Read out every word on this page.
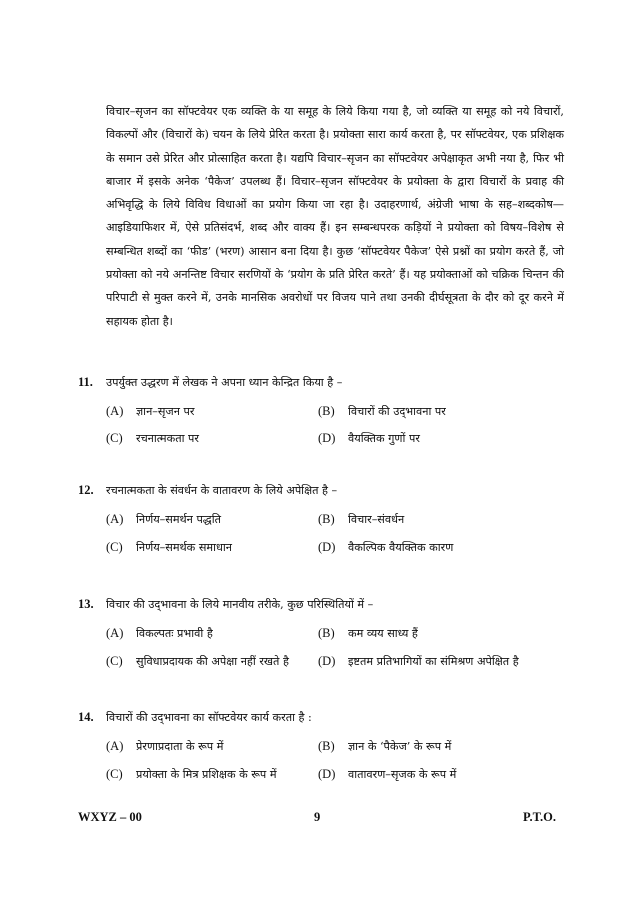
विचार–सृजन का सॉफ्टवेयर एक व्यक्ति के या समूह के लिये किया गया है, जो व्यक्ति या समूह को नये विचारों, विकल्पों और (विचारों के) चयन के लिये प्रेरित करता है। प्रयोक्ता सारा कार्य करता है, पर सॉफ्टवेयर, एक प्रशिक्षक के समान उसे प्रेरित और प्रोत्साहित करता है। यद्यपि विचार–सृजन का सॉफ्टवेयर अपेक्षाकृत अभी नया है, फिर भी बाजार में इसके अनेक ‘पैकेज’ उपलब्ध हैं। विचार–सृजन सॉफ्टवेयर के प्रयोक्ता के द्वारा विचारों के प्रवाह की अभिवृद्धि के लिये विविध विधाओं का प्रयोग किया जा रहा है। उदाहरणार्थ, अंग्रेजी भाषा के सह–शब्दकोष— आइडियाफिशर में, ऐसे प्रतिसंदर्भ, शब्द और वाक्य हैं। इन सम्बन्धपरक कड़ियों ने प्रयोक्ता को विषय–विशेष से सम्बन्धित शब्दों का ‘फीड’ (भरण) आसान बना दिया है। कुछ ‘सॉफ्टवेयर पैकेज’ ऐसे प्रश्नों का प्रयोग करते हैं, जो प्रयोक्ता को नये अनन्तिष्ट विचार सरणियों के ‘प्रयोग के प्रति प्रेरित करते’ हैं। यह प्रयोक्ताओं को चक्रिक चिन्तन की परिपाटी से मुक्त करने में, उनके मानसिक अवरोधों पर विजय पाने तथा उनकी दीर्घसूत्रता के दौर को दूर करने में सहायक होता है।

11. उपर्युक्त उद्धरण में लेखक ने अपना ध्यान केन्द्रित किया है –
(A) ज्ञान–सृजन पर	(B) विचारों की उद्‌भावना पर
(C) रचनात्मकता पर	(D) वैयक्तिक गुणों पर
12. रचनात्मकता के संवर्धन के वातावरण के लिये अपेक्षित है –
(A) निर्णय–समर्थन पद्धति	(B) विचार–संवर्धन
(C) निर्णय–समर्थक समाधान	(D) वैकल्पिक वैयक्तिक कारण
13. विचार की उद्‌भावना के लिये मानवीय तरीके, कुछ परिस्थितियों में –
(A) विकल्पतः प्रभावी है	(B) कम व्यय साध्य हैं
(C) सुविधाप्रदायक की अपेक्षा नहीं रखते है (D) इष्टतम प्रतिभागियों का संमिश्रण अपेक्षित है
14. विचारों की उद्‌भावना का सॉफ्टवेयर कार्य करता है :
(A) प्रेरणाप्रदाता के रूप में	(B) ज्ञान के ‘पैकेज’ के रूप में
(C) प्रयोक्ता के मित्र प्रशिक्षक के रूप में	(D) वातावरण–सृजक के रूप में
WXYZ – 00	9	P.T.O.
